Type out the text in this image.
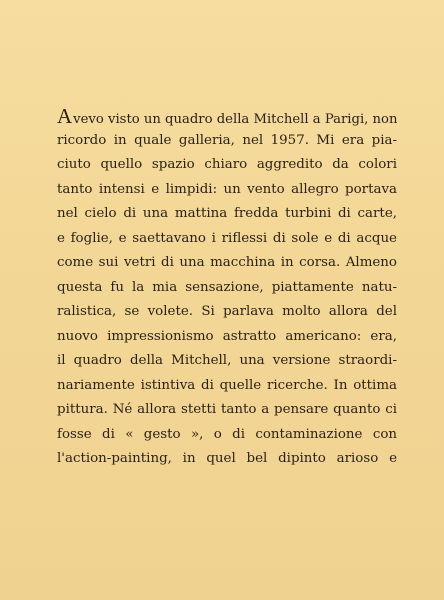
A vevo visto un quadro della Mitchell a Parigi, non
ricordo in quale galleria, nel 1957. Mi era pia-
ciuto quello spazio chiaro aggredito da colori
tanto intensi e limpidi: un vento allegro portava
nel cielo di una mattina fredda turbini di carte,
e foglie, e saettavano i riflessi di sole e di acque
come sui vetri di una macchina in corsa. Almeno
questa fu la mia sensazione, piattamente natu-
ralistica, se volete. Si parlava molto allora del
nuovo impressionismo astratto americano: era,
il quadro della Mitchell, una versione straordi-
nariamente istintiva di quelle ricerche. In ottima
pittura. Né allora stetti tanto a pensare quanto ci
fosse di « gesto », o di contaminazione con
l'action-painting, in quel bel dipinto arioso e
